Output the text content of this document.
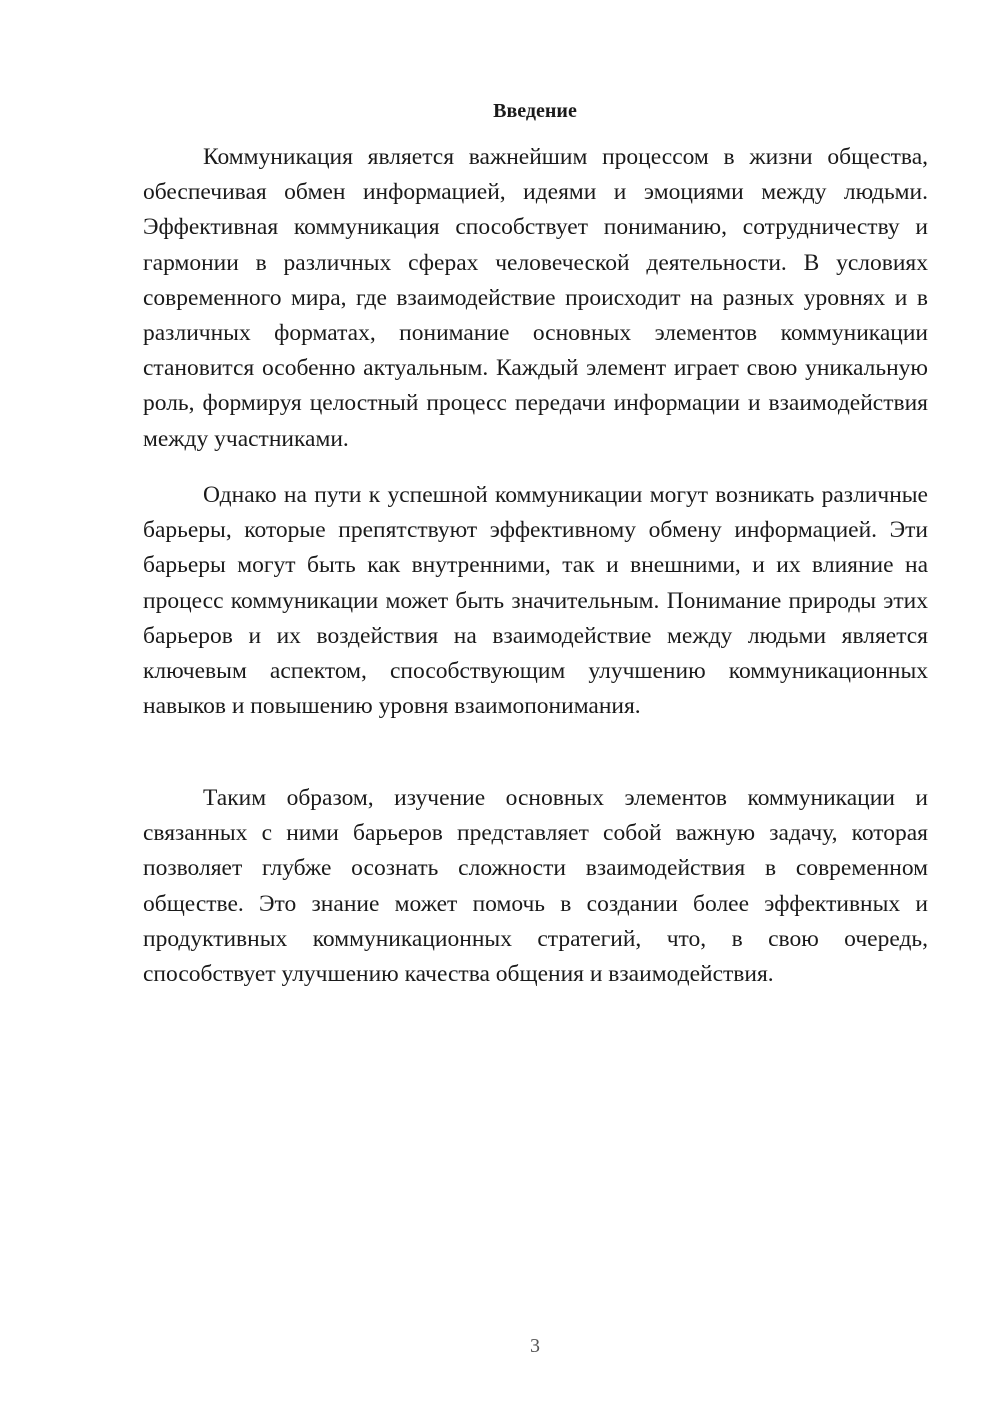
Введение

Коммуникация является важнейшим процессом в жизни общества, обеспечивая обмен информацией, идеями и эмоциями между людьми. Эффективная коммуникация способствует пониманию, сотрудничеству и гармонии в различных сферах человеческой деятельности. В условиях современного мира, где взаимодействие происходит на разных уровнях и в различных форматах, понимание основных элементов коммуникации становится особенно актуальным. Каждый элемент играет свою уникальную роль, формируя целостный процесс передачи информации и взаимодействия между участниками.

Однако на пути к успешной коммуникации могут возникать различные барьеры, которые препятствуют эффективному обмену информацией. Эти барьеры могут быть как внутренними, так и внешними, и их влияние на процесс коммуникации может быть значительным. Понимание природы этих барьеров и их воздействия на взаимодействие между людьми является ключевым аспектом, способствующим улучшению коммуникационных навыков и повышению уровня взаимопонимания.

Таким образом, изучение основных элементов коммуникации и связанных с ними барьеров представляет собой важную задачу, которая позволяет глубже осознать сложности взаимодействия в современном обществе. Это знание может помочь в создании более эффективных и продуктивных коммуникационных стратегий, что, в свою очередь, способствует улучшению качества общения и взаимодействия.

3
